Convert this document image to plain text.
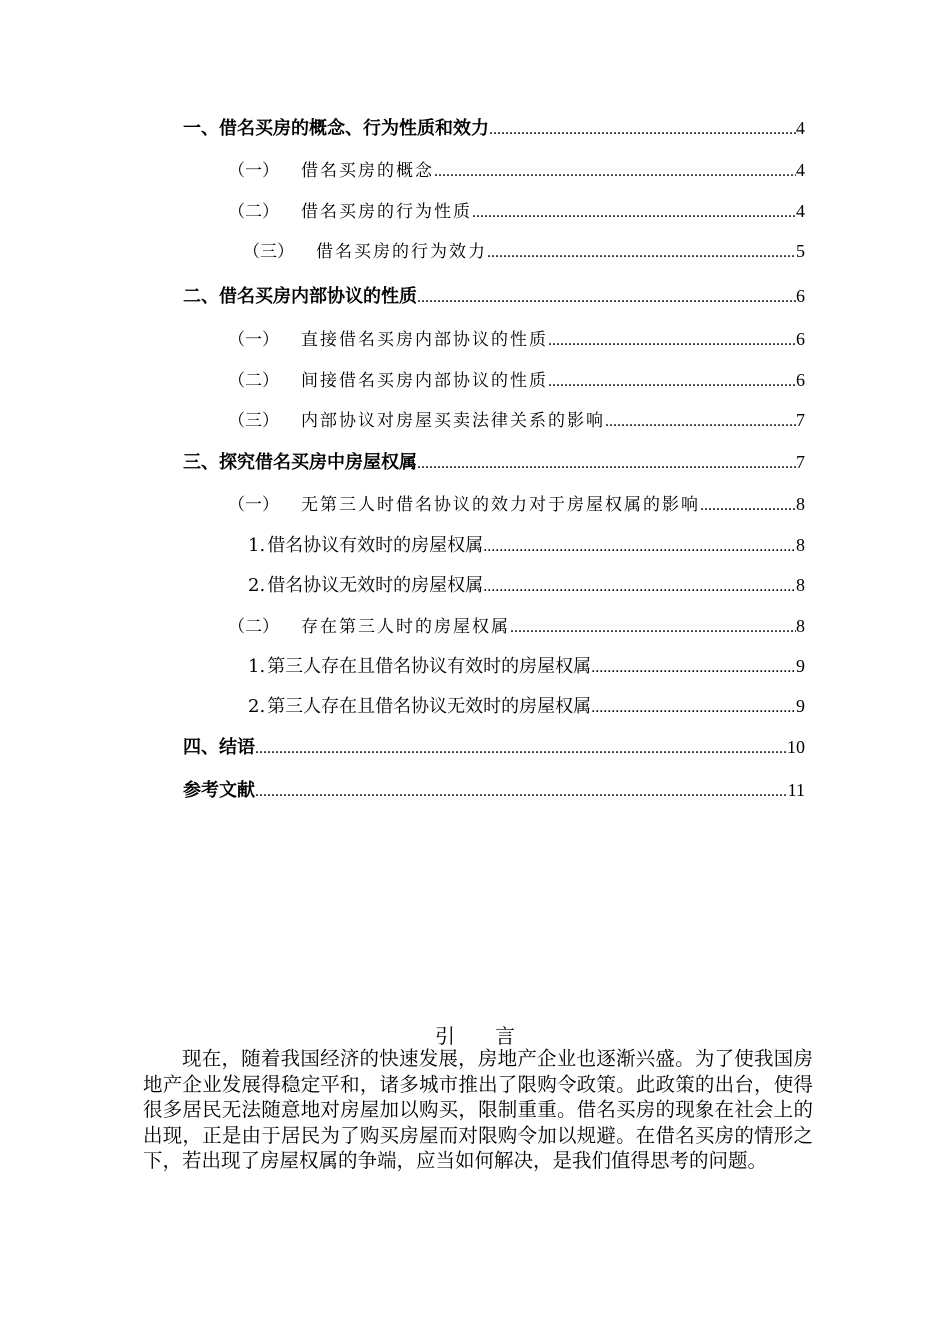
一、借名买房的概念、行为性质和效力 .....	4
（一） 借名买房的概念 .....	4
（二） 借名买房的行为性质 .....	4
（三） 借名买房的行为效力 .....	5
二、借名买房内部协议的性质 .....	6
（一） 直接借名买房内部协议的性质 .....	6
（二） 间接借名买房内部协议的性质 .....	6
（三） 内部协议对房屋买卖法律关系的影响 .....	7
三、探究借名买房中房屋权属 .....	7
（一） 无第三人时借名协议的效力对于房屋权属的影响 .....	8
1. 借名协议有效时的房屋权属 .....	8
2. 借名协议无效时的房屋权属 .....	8
（二） 存在第三人时的房屋权属 .....	8
1. 第三人存在且借名协议有效时的房屋权属 .....	9
2. 第三人存在且借名协议无效时的房屋权属 .....	9
四、结语 .....	10
参考文献 .....	11
引言
现在，随着我国经济的快速发展，房地产企业也逐渐兴盛。为了使我国房地产企业发展得稳定平和，诸多城市推出了限购令政策。此政策的出台，使得很多居民无法随意地对房屋加以购买，限制重重。借名买房的现象在社会上的出现，正是由于居民为了购买房屋而对限购令加以规避。在借名买房的情形之下，若出现了房屋权属的争端，应当如何解决，是我们值得思考的问题。
